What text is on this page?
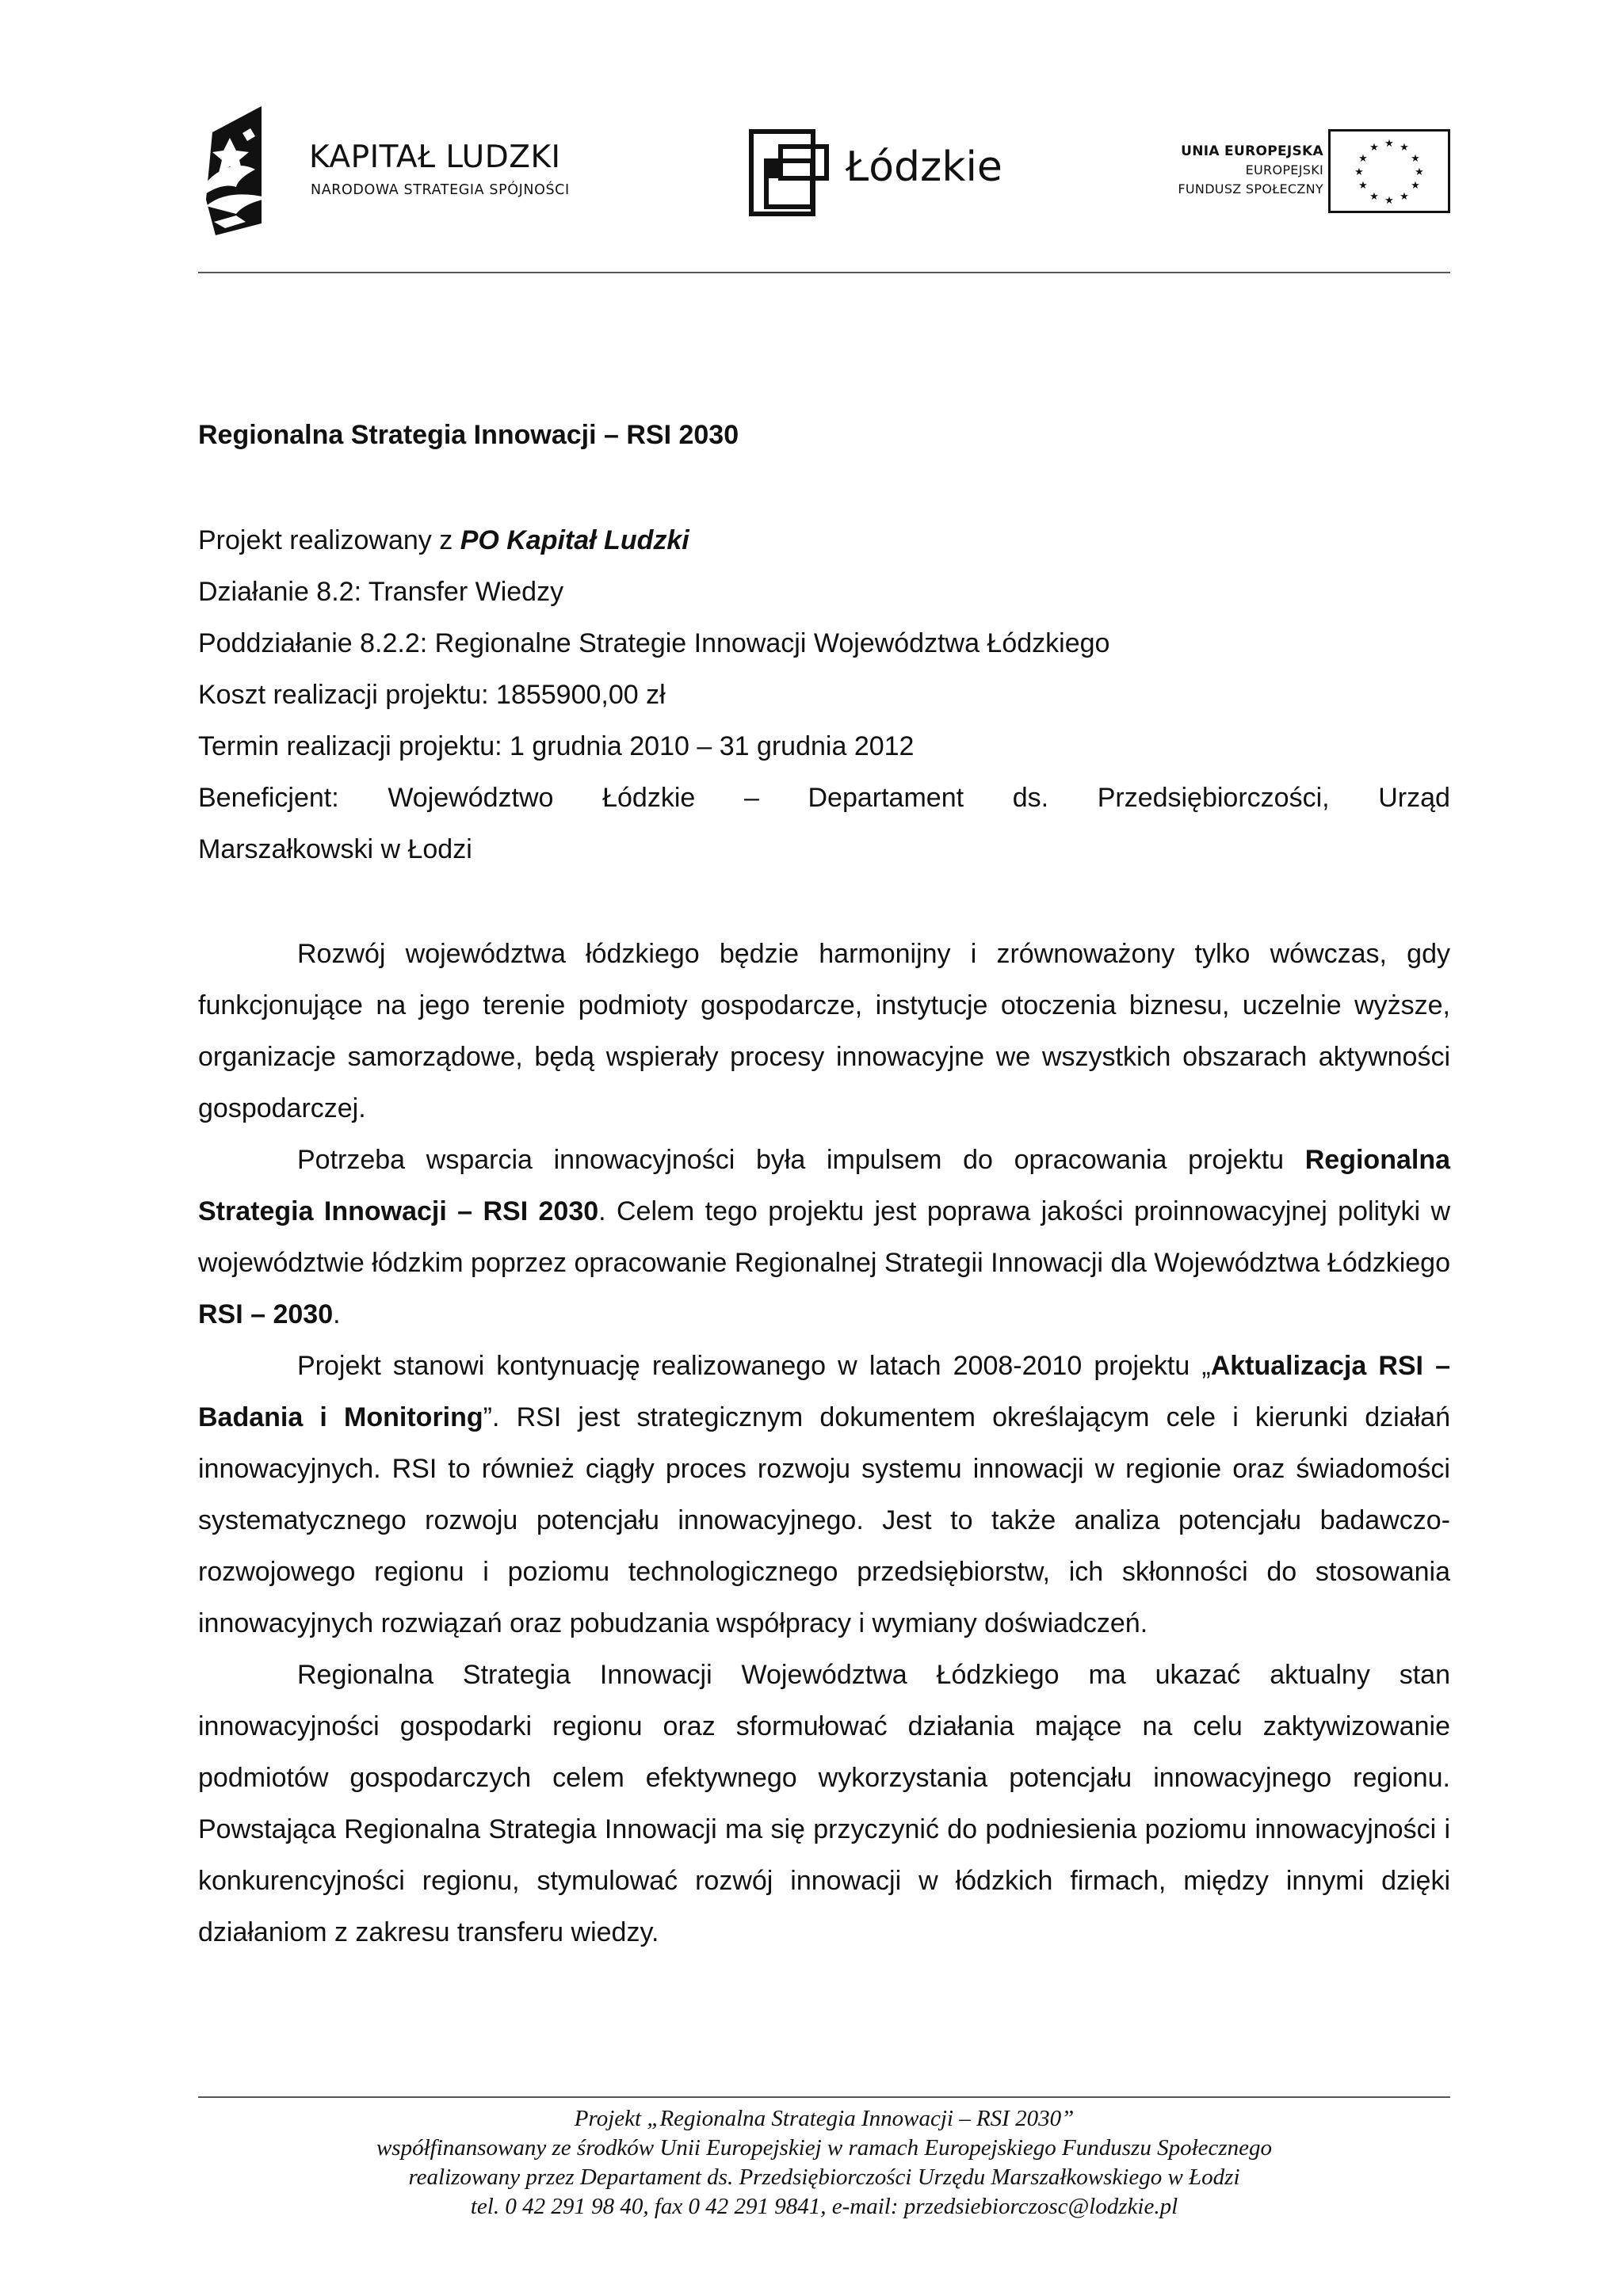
KAPITAŁ LUDZKI
NARODOWA STRATEGIA SPÓJNOŚCI	Łódzkie	UNIA EUROPEJSKA
EUROPEJSKI
FUNDUSZ SPOŁECZNY
★ ★
★
★
★
★
★
★
★
★
★
★
Regionalna Strategia Innowacji – RSI 2030
Projekt realizowany z PO Kapitał Ludzki
Działanie 8.2: Transfer Wiedzy
Poddziałanie 8.2.2: Regionalne Strategie Innowacji Województwa Łódzkiego
Koszt realizacji projektu: 1855900,00 zł
Termin realizacji projektu: 1 grudnia 2010 – 31 grudnia 2012
Beneficjent: Województwo Łódzkie – Departament ds. Przedsiębiorczości, Urząd
Marszałkowski w Łodzi

Rozwój województwa łódzkiego będzie harmonijny i zrównoważony tylko wówczas, gdy funkcjonujące na jego terenie podmioty gospodarcze, instytucje otoczenia biznesu, uczelnie wyższe, organizacje samorządowe, będą wspierały procesy innowacyjne we wszystkich obszarach aktywności gospodarczej.

Potrzeba wsparcia innowacyjności była impulsem do opracowania projektu Regionalna Strategia Innowacji – RSI 2030. Celem tego projektu jest poprawa jakości proinnowacyjnej polityki w województwie łódzkim poprzez opracowanie Regionalnej Strategii Innowacji dla Województwa Łódzkiego RSI – 2030.

Projekt stanowi kontynuację realizowanego w latach 2008-2010 projektu „Aktualizacja RSI – Badania i Monitoring”. RSI jest strategicznym dokumentem określającym cele i kierunki działań innowacyjnych. RSI to również ciągły proces rozwoju systemu innowacji w regionie oraz świadomości systematycznego rozwoju potencjału innowacyjnego. Jest to także analiza potencjału badawczo-rozwojowego regionu i poziomu technologicznego przedsiębiorstw, ich skłonności do stosowania innowacyjnych rozwiązań oraz pobudzania współpracy i wymiany doświadczeń.

Regionalna Strategia Innowacji Województwa Łódzkiego ma ukazać aktualny stan innowacyjności gospodarki regionu oraz sformułować działania mające na celu zaktywizowanie podmiotów gospodarczych celem efektywnego wykorzystania potencjału innowacyjnego regionu. Powstająca Regionalna Strategia Innowacji ma się przyczynić do podniesienia poziomu innowacyjności i konkurencyjności regionu, stymulować rozwój innowacji w łódzkich firmach, między innymi dzięki działaniom z zakresu transferu wiedzy.

Projekt „Regionalna Strategia Innowacji – RSI 2030”
współfinansowany ze środków Unii Europejskiej w ramach Europejskiego Funduszu Społecznego
realizowany przez Departament ds. Przedsiębiorczości Urzędu Marszałkowskiego w Łodzi
tel. 0 42 291 98 40, fax 0 42 291 9841, e-mail: przedsiebiorczosc@lodzkie.pl
